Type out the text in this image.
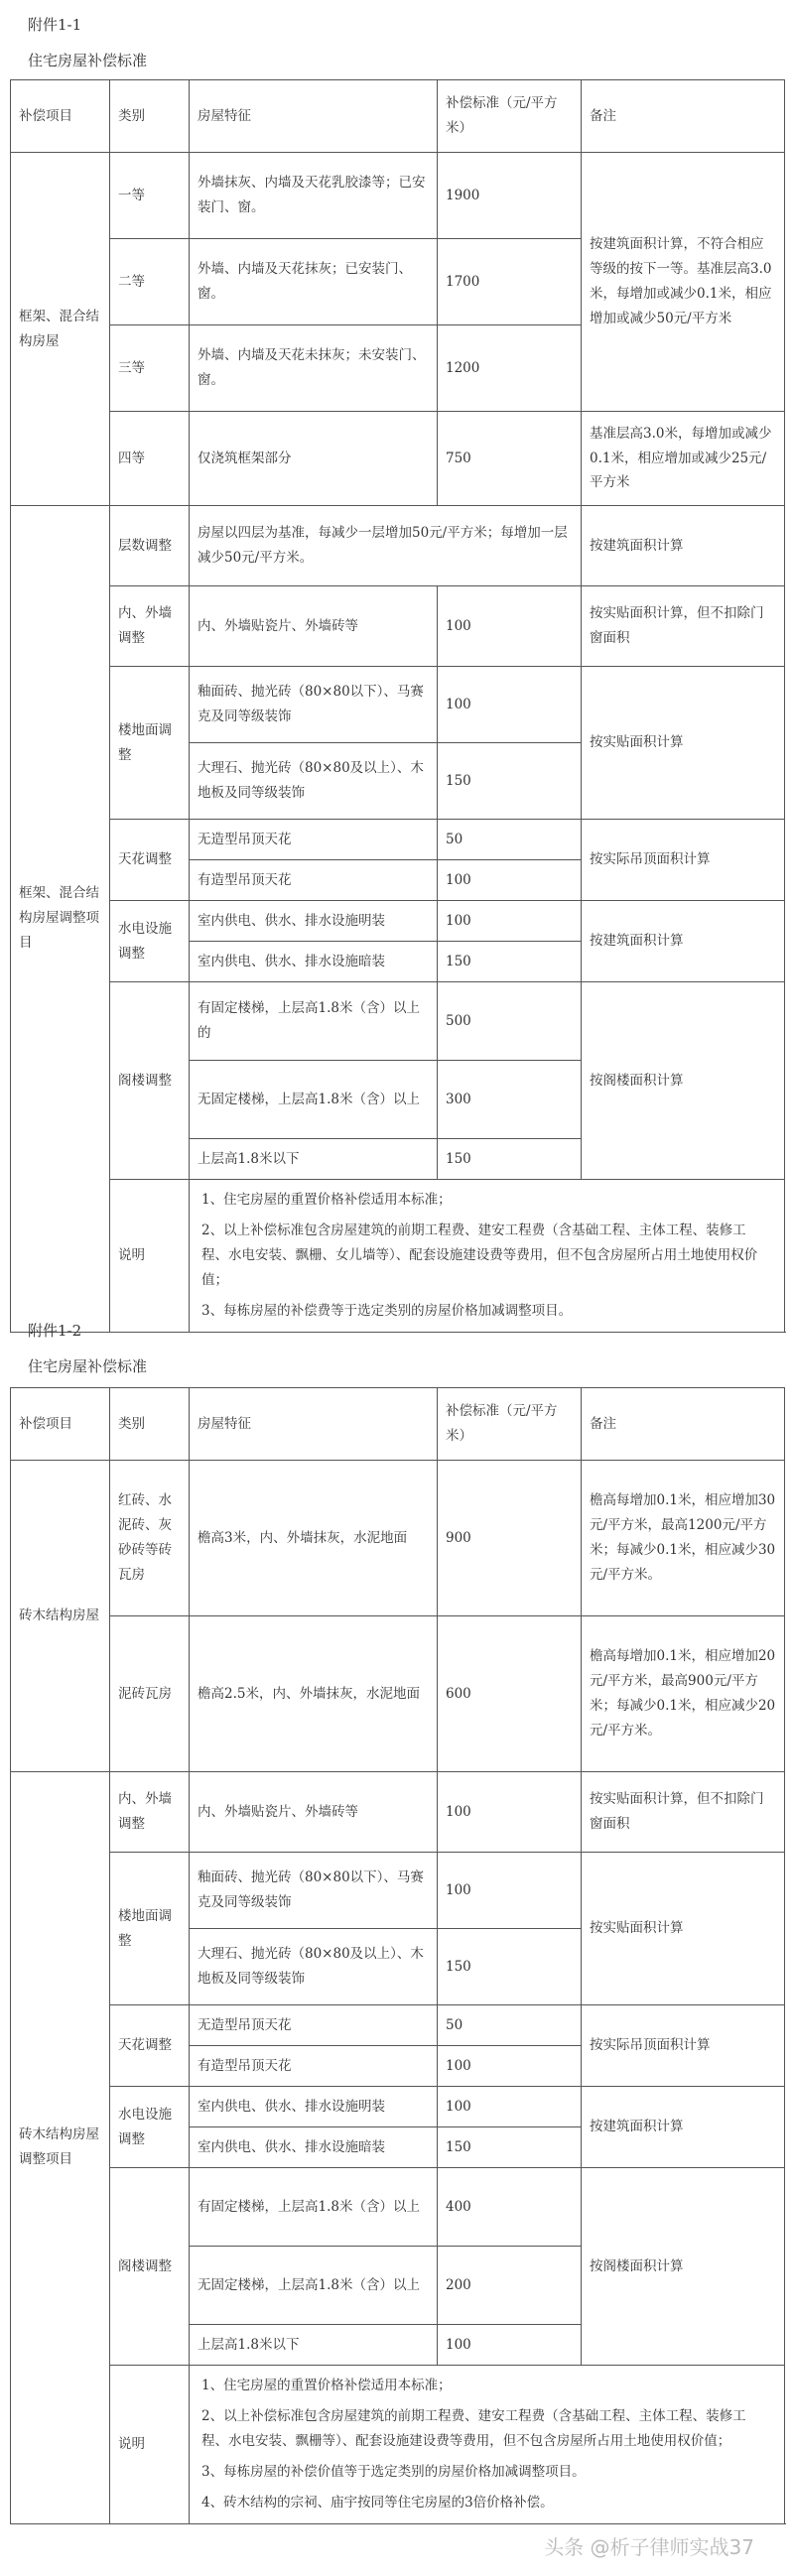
附件1-1
住宅房屋补偿标准
补偿项目	类别	房屋特征	补偿标准（元/平方米）	备注
框架、混合结构房屋	一等	外墙抹灰、内墙及天花乳胶漆等；已安装门、窗。	1900	按建筑面积计算，不符合相应等级的按下一等。基准层高3.0米，每增加或减少0.1米，相应增加或减少50元/平方米
	二等	外墙、内墙及天花抹灰；已安装门、窗。	1700	
	三等	外墙、内墙及天花未抹灰；未安装门、窗。	1200	
	四等	仅浇筑框架部分	750	基准层高3.0米，每增加或减少0.1米，相应增加或减少25元/平方米
框架、混合结构房屋调整项目	层数调整	房屋以四层为基准，每减少一层增加50元/平方米；每增加一层减少50元/平方米。		按建筑面积计算
	内、外墙调整	内、外墙贴瓷片、外墙砖等	100	按实贴面积计算，但不扣除门窗面积
	楼地面调整	釉面砖、抛光砖（80×80以下）、马赛克及同等级装饰	100	按实贴面积计算
		大理石、抛光砖（80×80及以上）、木地板及同等级装饰	150	
	天花调整	无造型吊顶天花	50	按实际吊顶面积计算
		有造型吊顶天花	100	
	水电设施调整	室内供电、供水、排水设施明装	100	按建筑面积计算
		室内供电、供水、排水设施暗装	150	
	阁楼调整	有固定楼梯，上层高1.8米（含）以上的	500	按阁楼面积计算
		无固定楼梯，上层高1.8米（含）以上	300	
		上层高1.8米以下	150	
	说明	1、住宅房屋的重置价格补偿适用本标准；
2、以上补偿标准包含房屋建筑的前期工程费、建安工程费（含基础工程、主体工程、装修工程、水电安装、飘栅、女儿墙等）、配套设施建设费等费用，但不包含房屋所占用土地使用权价值；
3、每栋房屋的补偿费等于选定类别的房屋价格加减调整项目。		
附件1-2
住宅房屋补偿标准
补偿项目	类别	房屋特征	补偿标准（元/平方米）	备注
砖木结构房屋	红砖、水泥砖、灰砂砖等砖瓦房	檐高3米，内、外墙抹灰，水泥地面	900	檐高每增加0.1米，相应增加30元/平方米，最高1200元/平方米；每减少0.1米，相应减少30元/平方米。
	泥砖瓦房	檐高2.5米，内、外墙抹灰，水泥地面	600	檐高每增加0.1米，相应增加20元/平方米，最高900元/平方米；每减少0.1米，相应减少20元/平方米。
砖木结构房屋调整项目	内、外墙调整	内、外墙贴瓷片、外墙砖等	100	按实贴面积计算，但不扣除门窗面积
	楼地面调整	釉面砖、抛光砖（80×80以下）、马赛克及同等级装饰	100	按实贴面积计算
		大理石、抛光砖（80×80及以上）、木地板及同等级装饰	150	
	天花调整	无造型吊顶天花	50	按实际吊顶面积计算
		有造型吊顶天花	100	
	水电设施调整	室内供电、供水、排水设施明装	100	按建筑面积计算
		室内供电、供水、排水设施暗装	150	
	阁楼调整	有固定楼梯，上层高1.8米（含）以上	400	按阁楼面积计算
		无固定楼梯，上层高1.8米（含）以上	200	
		上层高1.8米以下	100	
	说明	1、住宅房屋的重置价格补偿适用本标准；
2、以上补偿标准包含房屋建筑的前期工程费、建安工程费（含基础工程、主体工程、装修工程、水电安装、飘栅等）、配套设施建设费等费用，但不包含房屋所占用土地使用权价值；
3、每栋房屋的补偿价值等于选定类别的房屋价格加减调整项目。
4、砖木结构的宗祠、庙宇按同等住宅房屋的3倍价格补偿。		
头条 @析子律师实战37
